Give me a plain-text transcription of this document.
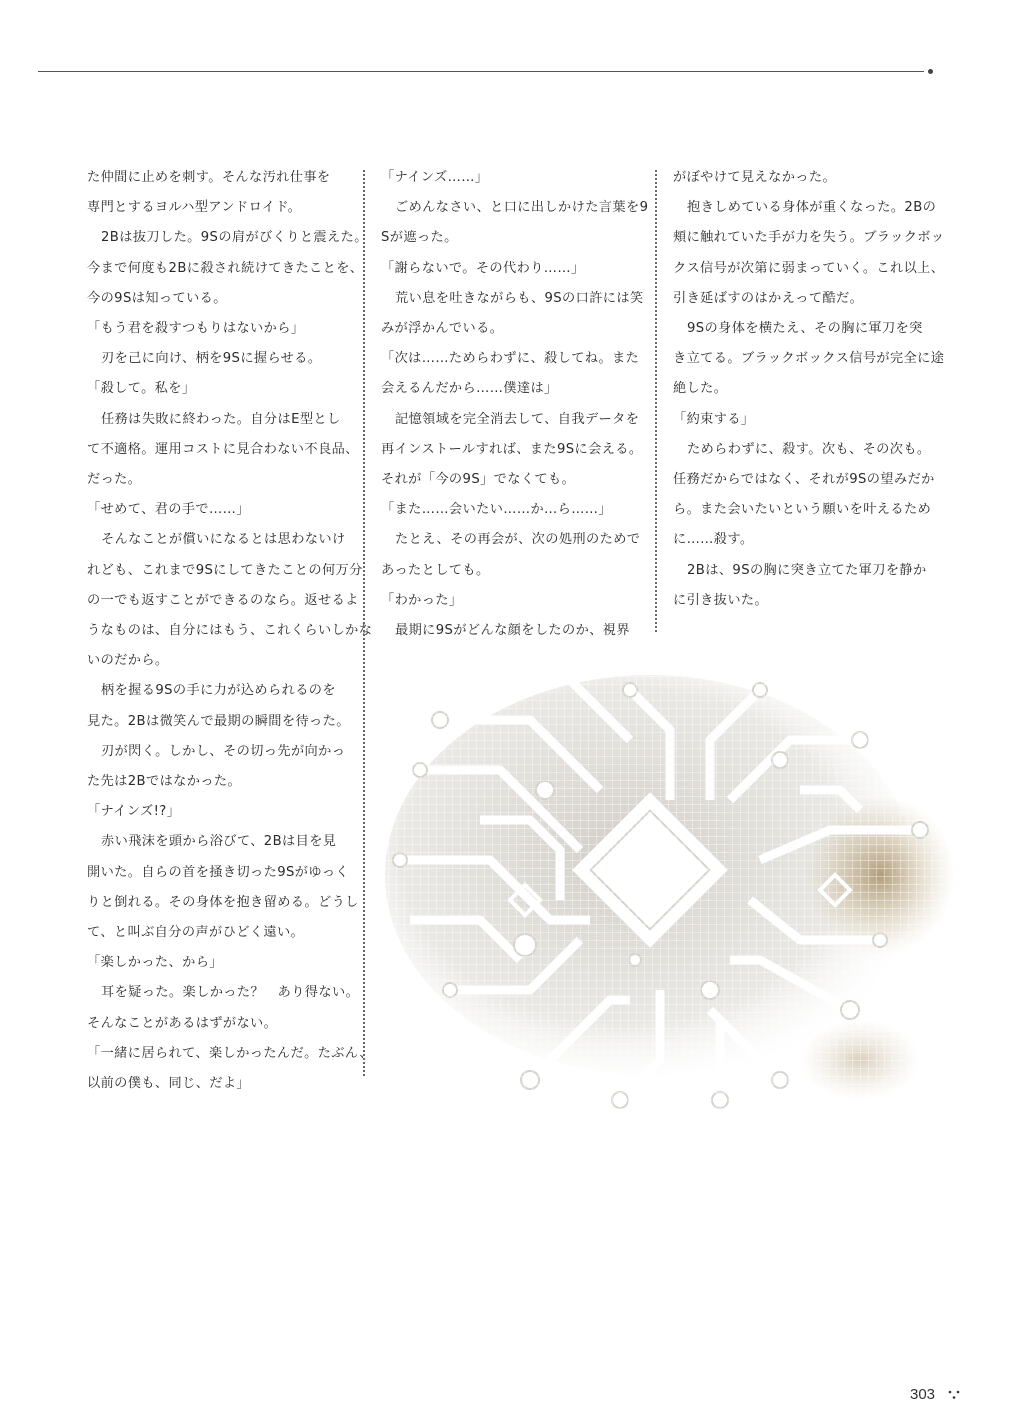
た仲間に止めを刺す。そんな汚れ仕事を

専門とするヨルハ型アンドロイド。

2Bは抜刀した。9Sの肩がびくりと震えた。

今まで何度も2Bに殺され続けてきたことを、

今の9Sは知っている。

「もう君を殺すつもりはないから」

刃を己に向け、柄を9Sに握らせる。

「殺して。私を」

任務は失敗に終わった。自分はE型とし

て不適格。運用コストに見合わない不良品、

だった。

「せめて、君の手で……」

そんなことが償いになるとは思わないけ

れども、これまで9Sにしてきたことの何万分

の一でも返すことができるのなら。返せるよ

うなものは、自分にはもう、これくらいしかな

いのだから。

柄を握る9Sの手に力が込められるのを

見た。2Bは微笑んで最期の瞬間を待った。

刃が閃く。しかし、その切っ先が向かっ

た先は2Bではなかった。

「ナインズ!?」

赤い飛沫を頭から浴びて、2Bは目を見

開いた。自らの首を掻き切った9Sがゆっく

りと倒れる。その身体を抱き留める。どうし

て、と叫ぶ自分の声がひどく遠い。

「楽しかった、から」

耳を疑った。楽しかった？　あり得ない。

そんなことがあるはずがない。

「一緒に居られて、楽しかったんだ。たぶん、

以前の僕も、同じ、だよ」

「ナインズ……」

ごめんなさい、と口に出しかけた言葉を9

Sが遮った。

「謝らないで。その代わり……」

荒い息を吐きながらも、9Sの口許には笑

みが浮かんでいる。

「次は……ためらわずに、殺してね。また

会えるんだから……僕達は」

記憶領域を完全消去して、自我データを

再インストールすれば、また9Sに会える。

それが「今の9S」でなくても。

「また……会いたい……か…ら……」

たとえ、その再会が、次の処刑のためで

あったとしても。

「わかった」

最期に9Sがどんな顔をしたのか、視界

がぼやけて見えなかった。

抱きしめている身体が重くなった。2Bの

頬に触れていた手が力を失う。ブラックボッ

クス信号が次第に弱まっていく。これ以上、

引き延ばすのはかえって酷だ。

9Sの身体を横たえ、その胸に軍刀を突

き立てる。ブラックボックス信号が完全に途

絶した。

「約束する」

ためらわずに、殺す。次も、その次も。

任務だからではなく、それが9Sの望みだか

ら。また会いたいという願いを叶えるため

に……殺す。

2Bは、9Sの胸に突き立てた軍刀を静か

に引き抜いた。

303
